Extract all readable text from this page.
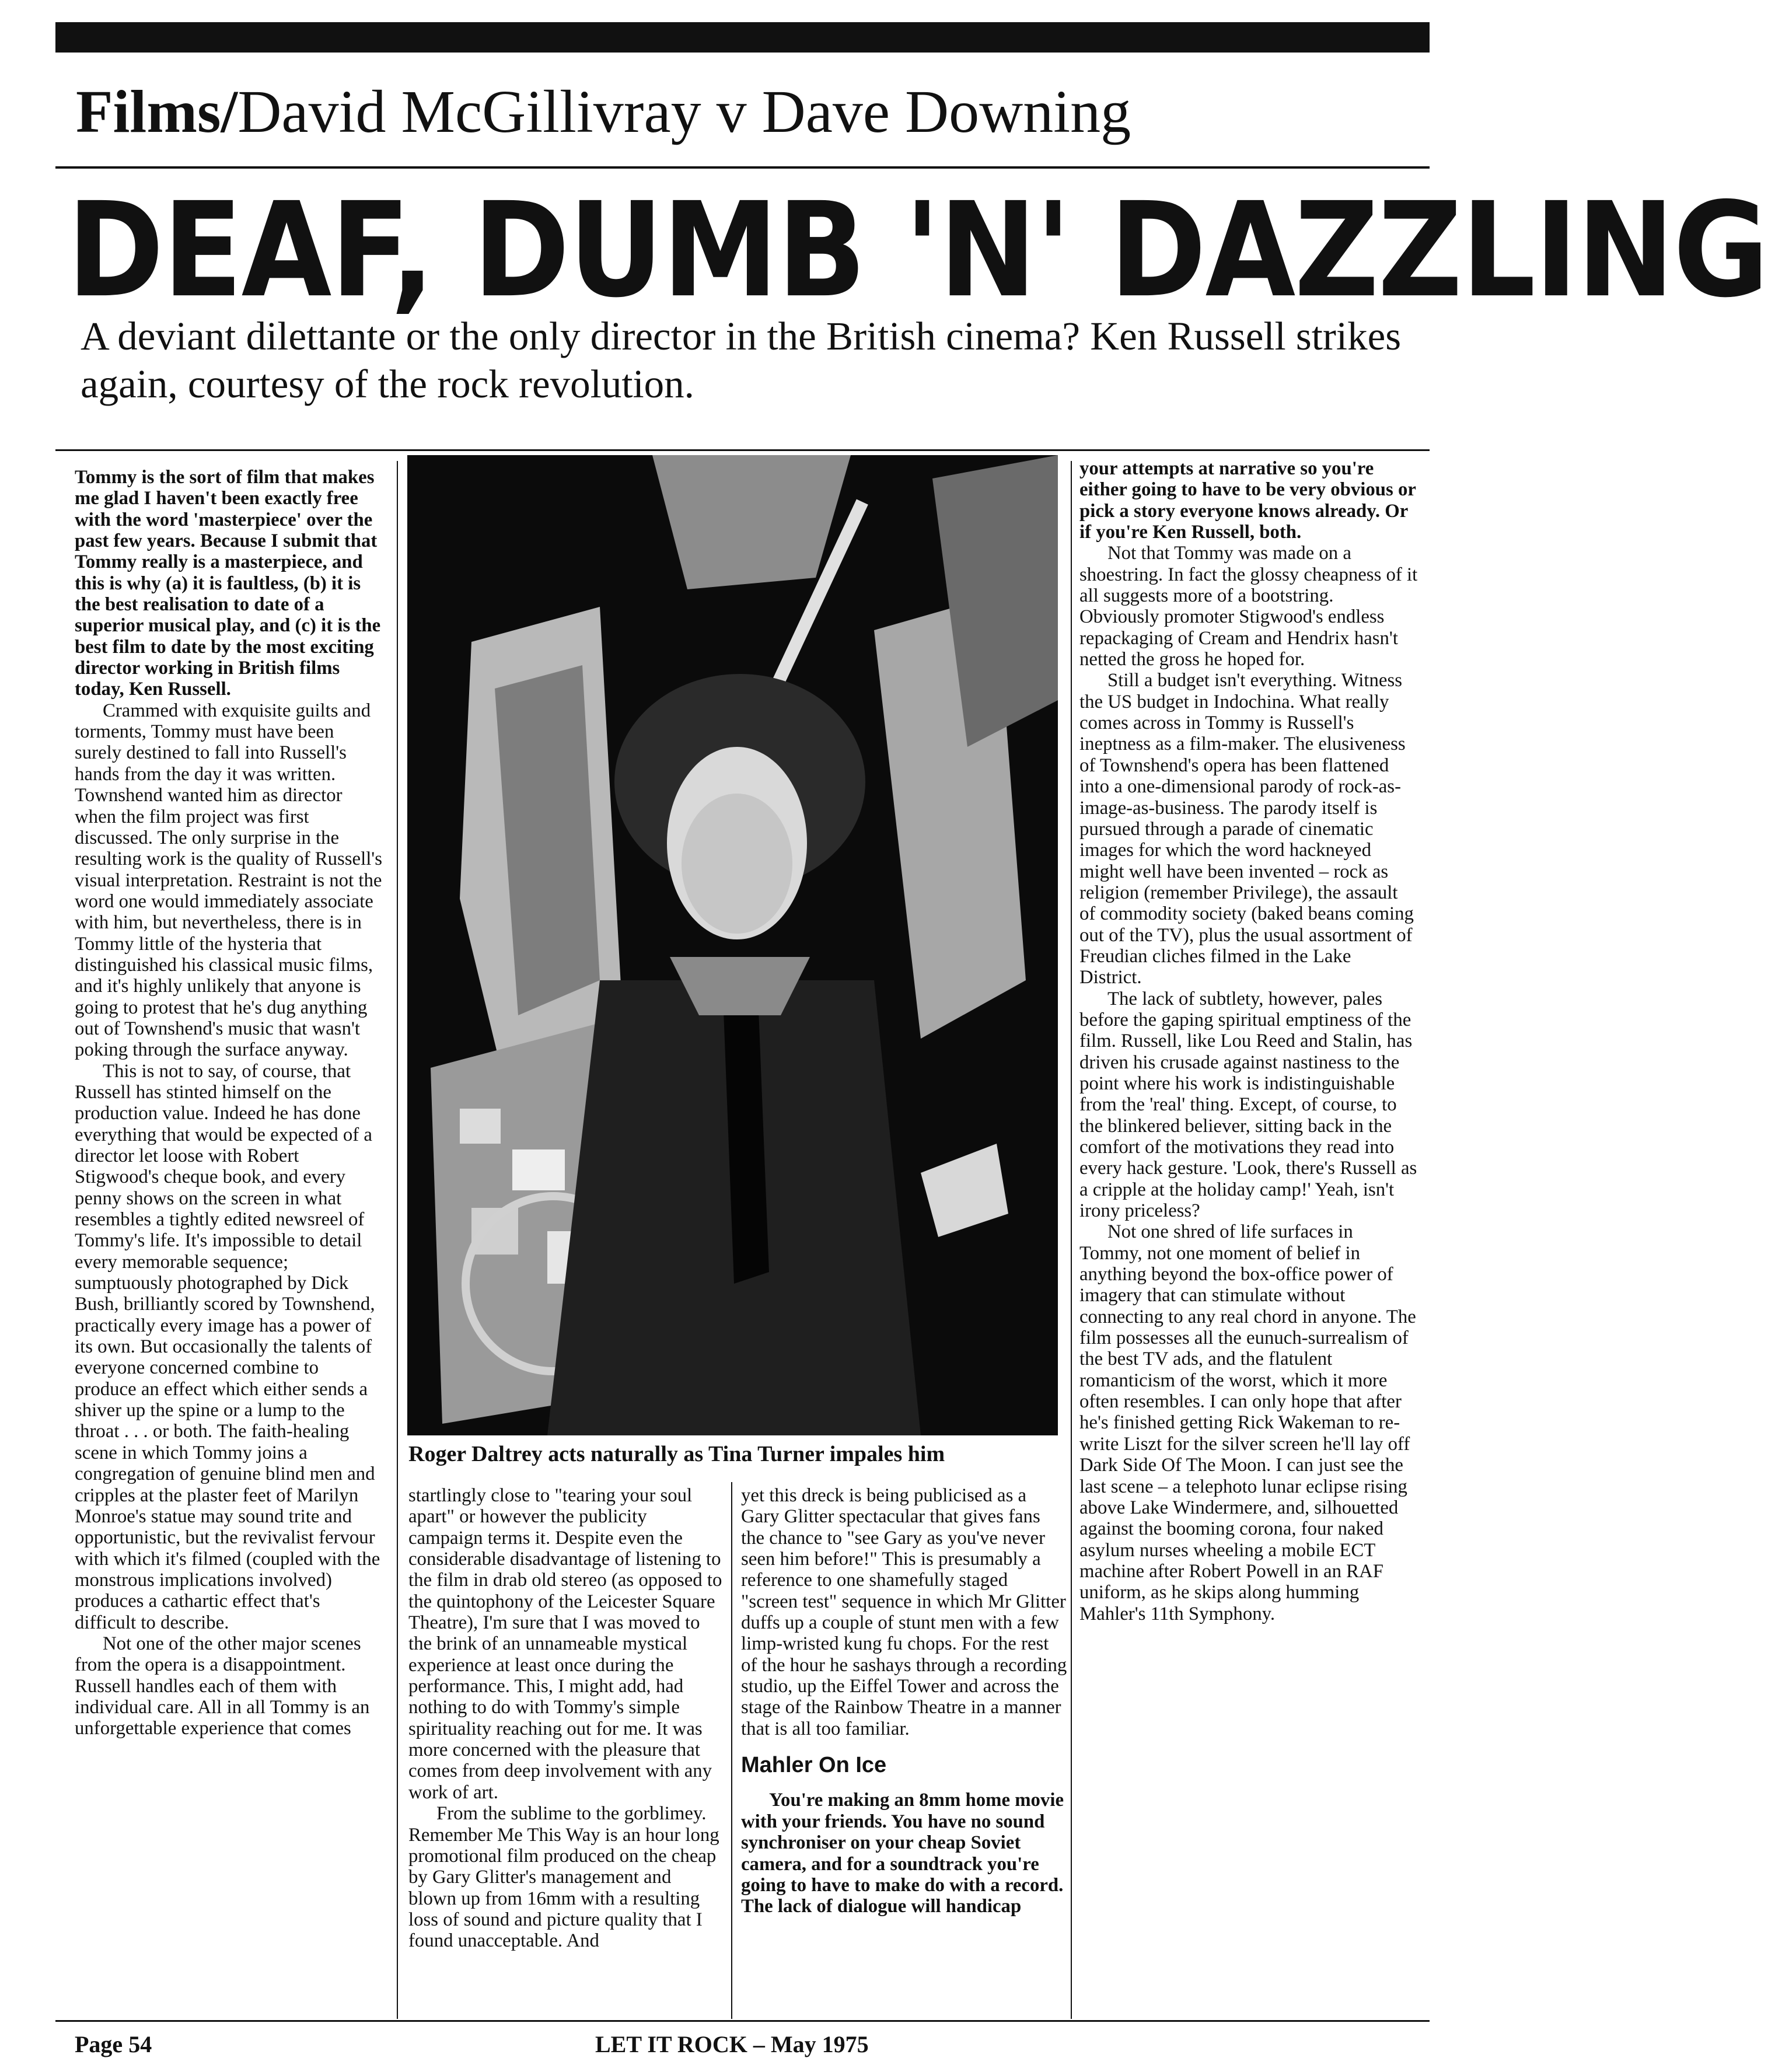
Films/David McGillivray v Dave Downing
DEAF, DUMB 'N' DAZZLING
A deviant dilettante or the only director in the British cinema? Ken Russell strikes again, courtesy of the rock revolution.

Tommy is the sort of film that makes me glad I haven't been exactly free with the word 'masterpiece' over the past few years. Because I submit that Tommy really is a masterpiece, and this is why (a) it is faultless, (b) it is the best realisation to date of a superior musical play, and (c) it is the best film to date by the most exciting director working in British films today, Ken Russell.

Crammed with exquisite guilts and torments, Tommy must have been surely destined to fall into Russell's hands from the day it was written. Townshend wanted him as director when the film project was first discussed. The only surprise in the resulting work is the quality of Russell's visual interpretation. Restraint is not the word one would immediately associate with him, but nevertheless, there is in Tommy little of the hysteria that distinguished his classical music films, and it's highly unlikely that anyone is going to protest that he's dug anything out of Townshend's music that wasn't poking through the surface anyway.

This is not to say, of course, that Russell has stinted himself on the production value. Indeed he has done everything that would be expected of a director let loose with Robert Stigwood's cheque book, and every penny shows on the screen in what resembles a tightly edited newsreel of Tommy's life. It's impossible to detail every memorable sequence; sumptuously photographed by Dick Bush, brilliantly scored by Townshend, practically every image has a power of its own. But occasionally the talents of everyone concerned combine to produce an effect which either sends a shiver up the spine or a lump to the throat . . . or both. The faith-healing scene in which Tommy joins a congregation of genuine blind men and cripples at the plaster feet of Marilyn Monroe's statue may sound trite and opportunistic, but the revivalist fervour with which it's filmed (coupled with the monstrous implications involved) produces a cathartic effect that's difficult to describe.

Not one of the other major scenes from the opera is a disappointment. Russell handles each of them with individual care. All in all Tommy is an unforgettable experience that comes

Roger Daltrey acts naturally as Tina Turner impales him

startlingly close to "tearing your soul apart" or however the publicity campaign terms it. Despite even the considerable disadvantage of listening to the film in drab old stereo (as opposed to the quintophony of the Leicester Square Theatre), I'm sure that I was moved to the brink of an unnameable mystical experience at least once during the performance. This, I might add, had nothing to do with Tommy's simple spirituality reaching out for me. It was more concerned with the pleasure that comes from deep involvement with any work of art.

From the sublime to the gorblimey. Remember Me This Way is an hour long promotional film produced on the cheap by Gary Glitter's management and blown up from 16mm with a resulting loss of sound and picture quality that I found unacceptable. And

yet this dreck is being publicised as a Gary Glitter spectacular that gives fans the chance to "see Gary as you've never seen him before!" This is presumably a reference to one shamefully staged "screen test" sequence in which Mr Glitter duffs up a couple of stunt men with a few limp-wristed kung fu chops. For the rest of the hour he sashays through a recording studio, up the Eiffel Tower and across the stage of the Rainbow Theatre in a manner that is all too familiar.

Mahler On Ice

You're making an 8mm home movie with your friends. You have no sound synchroniser on your cheap Soviet camera, and for a soundtrack you're going to have to make do with a record. The lack of dialogue will handicap

your attempts at narrative so you're either going to have to be very obvious or pick a story everyone knows already. Or if you're Ken Russell, both.

Not that Tommy was made on a shoestring. In fact the glossy cheapness of it all suggests more of a bootstring. Obviously promoter Stigwood's endless repackaging of Cream and Hendrix hasn't netted the gross he hoped for.

Still a budget isn't everything. Witness the US budget in Indochina. What really comes across in Tommy is Russell's ineptness as a film-maker. The elusiveness of Townshend's opera has been flattened into a one-dimensional parody of rock-as-image-as-business. The parody itself is pursued through a parade of cinematic images for which the word hackneyed might well have been invented – rock as religion (remember Privilege), the assault of commodity society (baked beans coming out of the TV), plus the usual assortment of Freudian cliches filmed in the Lake District.

The lack of subtlety, however, pales before the gaping spiritual emptiness of the film. Russell, like Lou Reed and Stalin, has driven his crusade against nastiness to the point where his work is indistinguishable from the 'real' thing. Except, of course, to the blinkered believer, sitting back in the comfort of the motivations they read into every hack gesture. 'Look, there's Russell as a cripple at the holiday camp!' Yeah, isn't irony priceless?

Not one shred of life surfaces in Tommy, not one moment of belief in anything beyond the box-office power of imagery that can stimulate without connecting to any real chord in anyone. The film possesses all the eunuch-surrealism of the best TV ads, and the flatulent romanticism of the worst, which it more often resembles. I can only hope that after he's finished getting Rick Wakeman to re-write Liszt for the silver screen he'll lay off Dark Side Of The Moon. I can just see the last scene – a telephoto lunar eclipse rising above Lake Windermere, and, silhouetted against the booming corona, four naked asylum nurses wheeling a mobile ECT machine after Robert Powell in an RAF uniform, as he skips along humming Mahler's 11th Symphony.

Page 54	LET IT ROCK – May 1975
